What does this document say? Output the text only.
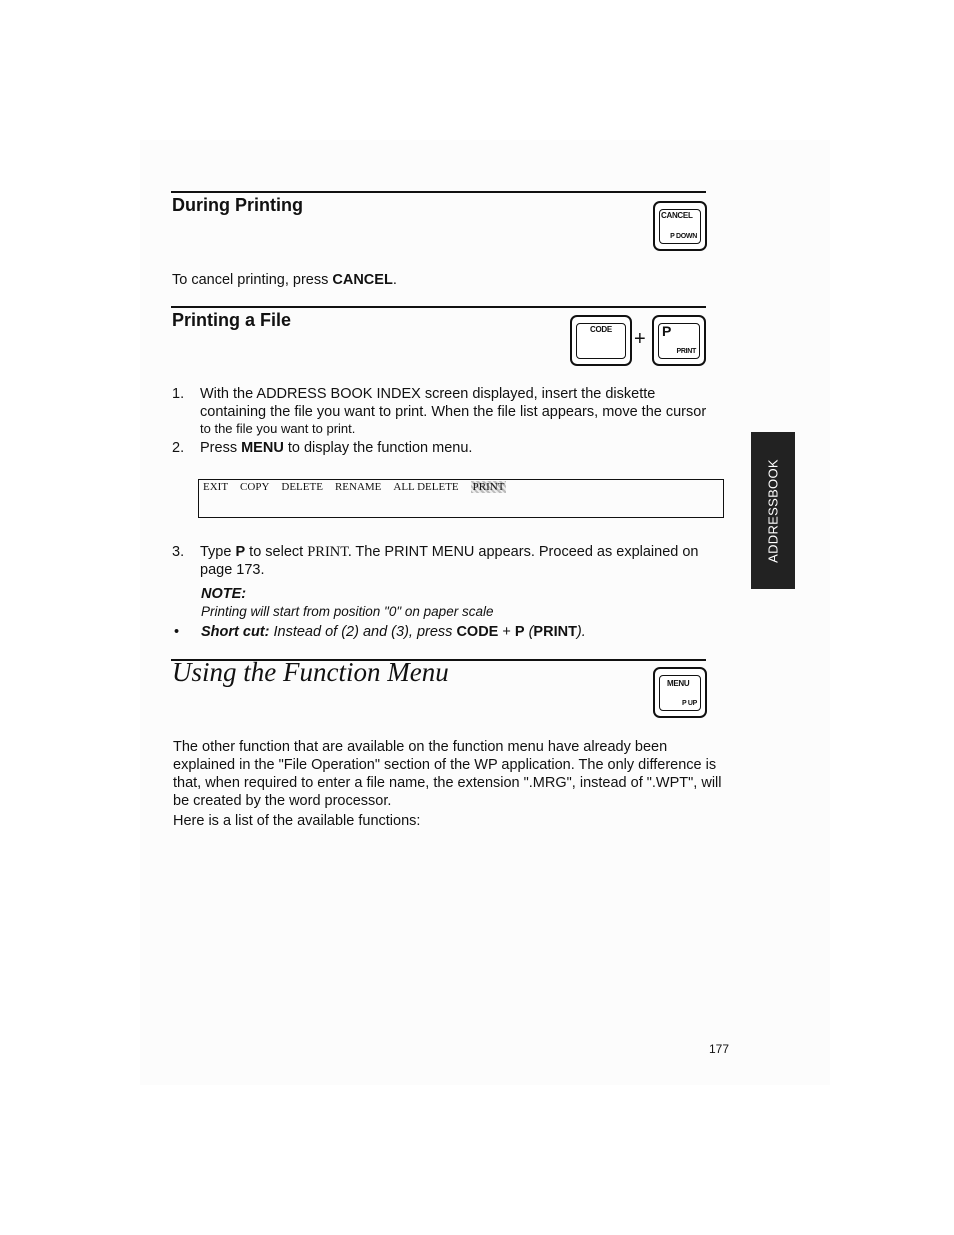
During Printing
CANCEL
P DOWN
To cancel printing, press CANCEL.
Printing a File	CODE + P
PRINT
1. With the ADDRESS BOOK INDEX screen displayed, insert the diskette
containing the file you want to print. When the file list appears, move the cursor
to the file you want to print.
2. Press MENU to display the function menu.
EXIT COPY DELETE RENAME ALL DELETE PRINT
3. Type P to select PRINT. The PRINT MENU appears. Proceed as explained on
page 173.
NOTE:
Printing will start from position "0" on paper scale
• Short cut: Instead of (2) and (3), press CODE + P (PRINT).
Using the Function Menu	MENU
P UP
The other function that are available on the function menu have already been
explained in the "File Operation" section of the WP application. The only difference is
that, when required to enter a file name, the extension ".MRG", instead of ".WPT", will
be created by the word processor.
Here is a list of the available functions:
ADDRESSBOOK
177
